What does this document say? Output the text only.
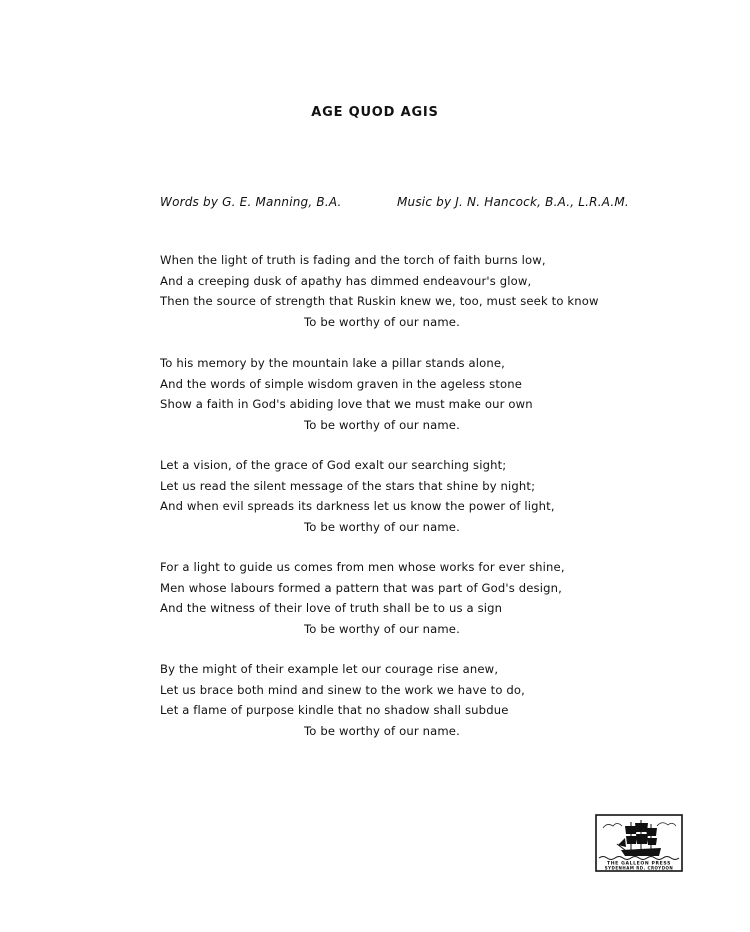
AGE QUOD AGIS
Words by G. E. Manning, B.A.	Music by J. N. Hancock, B.A., L.R.A.M.
When the light of truth is fading and the torch of faith burns low,
And a creeping dusk of apathy has dimmed endeavour's glow,
Then the source of strength that Ruskin knew we, too, must seek to know
To be worthy of our name.
To his memory by the mountain lake a pillar stands alone,
And the words of simple wisdom graven in the ageless stone
Show a faith in God's abiding love that we must make our own
To be worthy of our name.
Let a vision, of the grace of God exalt our searching sight;
Let us read the silent message of the stars that shine by night;
And when evil spreads its darkness let us know the power of light,
To be worthy of our name.
For a light to guide us comes from men whose works for ever shine,
Men whose labours formed a pattern that was part of God's design,
And the witness of their love of truth shall be to us a sign
To be worthy of our name.
By the might of their example let our courage rise anew,
Let us brace both mind and sinew to the work we have to do,
Let a flame of purpose kindle that no shadow shall subdue
To be worthy of our name.
THE GALLEON PRESS
SYDENHAM RD. CROYDON
